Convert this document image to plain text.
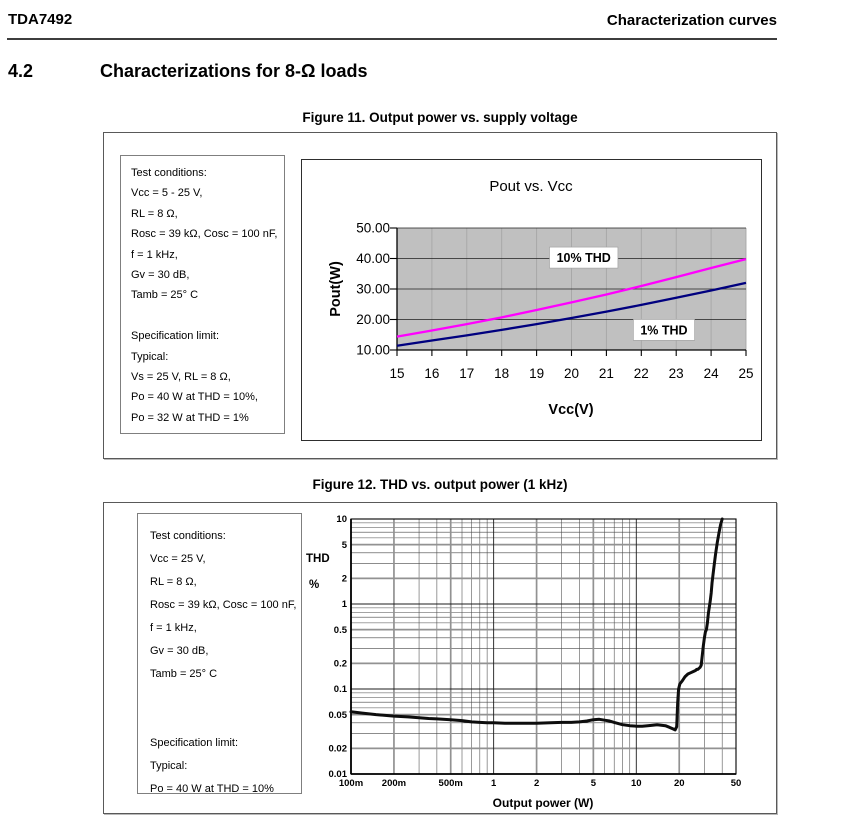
TDA7492	Characterization curves
4.2	Characterizations for 8-Ω loads
Figure 11. Output power vs. supply voltage
Test conditions:
Vcc = 5 - 25 V,
RL = 8 Ω,
Rosc = 39 kΩ, Cosc = 100 nF,
f = 1 kHz,
Gv = 30 dB,
Tamb = 25° C
Specification limit:
Typical:
Vs = 25 V, RL = 8 Ω,
Po = 40 W at THD = 10%,
Po = 32 W at THD = 1%
10.00
20.00
30.00
40.00
50.00
15 16 17 18 19 20 21 22 23 24 25
Pout vs. Vcc
Vcc(V)
Pout(W)
10% THD
1% THD
Figure 12. THD vs. output power (1 kHz)
Test conditions:
Vcc = 25 V,
RL = 8 Ω,
Rosc = 39 kΩ, Cosc = 100 nF,
f = 1 kHz,
Gv = 30 dB,
Tamb = 25° C
Specification limit:
Typical:
Po = 40 W at THD = 10%
10
5
2
1
0.5
0.2
0.1
0.05
0.02
0.01
100m 200m	500m	1	2	5	10	20	50
THD
%
Output power (W)
